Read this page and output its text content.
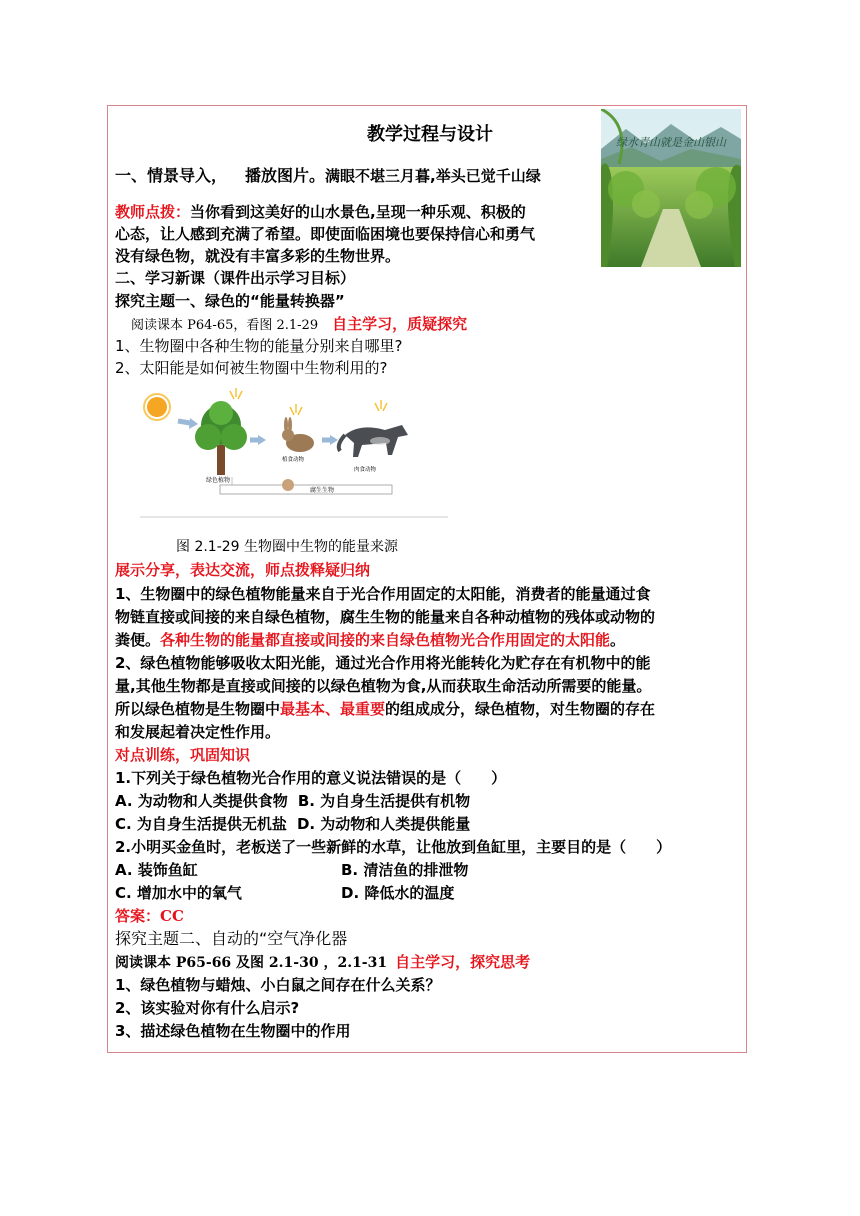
教学过程与设计	绿水青山就是金山银山
一、情景导入， 播放图片。满眼不堪三月暮,举头已觉千山绿
教师点拨：当你看到这美好的山水景色,呈现一种乐观、积极的
心态，让人感到充满了希望。即使面临困境也要保持信心和勇气
没有绿色物，就没有丰富多彩的生物世界。
二、学习新课（课件出示学习目标）
探究主题一、绿色的“能量转换器”
阅读课本 P64-65，看图 2.1-29 自主学习，质疑探究
1、生物圈中各种生物的能量分别来自哪里?
2、太阳能是如何被生物圈中生物利用的?
绿色植物
植食动物
肉食动物
腐生生物
图 2.1-29 生物圈中生物的能量来源
展示分享，表达交流，师点拨释疑归纳
1、生物圈中的绿色植物能量来自于光合作用固定的太阳能，消费者的能量通过食
物链直接或间接的来自绿色植物，腐生生物的能量来自各种动植物的残体或动物的
粪便。各种生物的能量都直接或间接的来自绿色植物光合作用固定的太阳能。
2、绿色植物能够吸收太阳光能，通过光合作用将光能转化为贮存在有机物中的能
量,其他生物都是直接或间接的以绿色植物为食,从而获取生命活动所需要的能量。
所以绿色植物是生物圈中最基本、最重要的组成成分，绿色植物，对生物圈的存在
和发展起着决定性作用。
对点训练，巩固知识
1.下列关于绿色植物光合作用的意义说法错误的是（　　）
A. 为动物和人类提供食物 B. 为自身生活提供有机物
C. 为自身生活提供无机盐 D. 为动物和人类提供能量
2.小明买金鱼时，老板送了一些新鲜的水草，让他放到鱼缸里，主要目的是（　　）
A. 装饰鱼缸	B. 清洁鱼的排泄物
C. 增加水中的氧气	D. 降低水的温度
答案：CC
探究主题二、自动的“空气净化器
阅读课本 P65-66 及图 2.1-30 ，2.1-31 自主学习，探究思考
1、绿色植物与蜡烛、小白鼠之间存在什么关系？
2、该实验对你有什么启示?
3、描述绿色植物在生物圈中的作用
